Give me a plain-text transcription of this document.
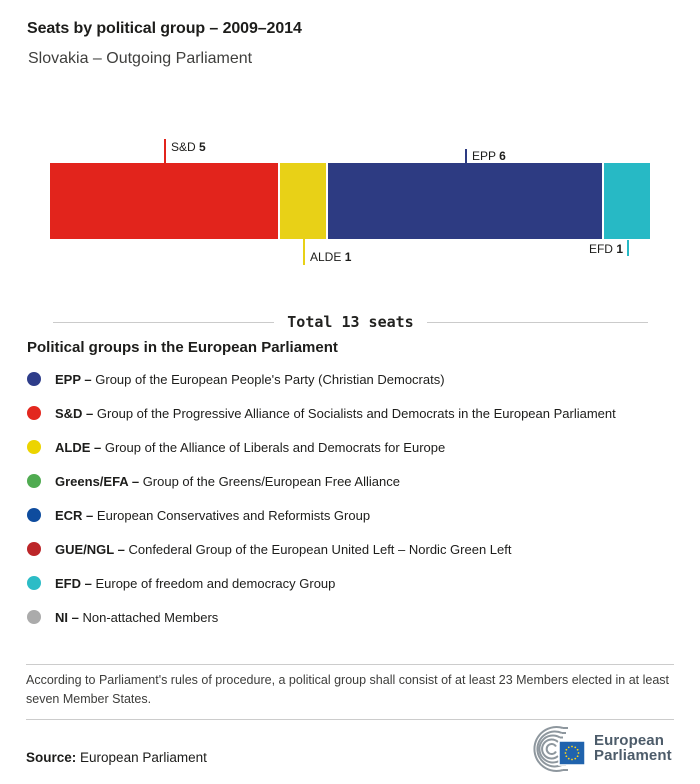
Seats by political group – 2009–2014
Slovakia – Outgoing Parliament
S&D 5
EPP 6
ALDE 1
EFD 1
Total 13 seats
Political groups in the European Parliament
EPP – Group of the European People's Party (Christian Democrats)
S&D – Group of the Progressive Alliance of Socialists and Democrats in the European Parliament
ALDE – Group of the Alliance of Liberals and Democrats for Europe
Greens/EFA – Group of the Greens/European Free Alliance
ECR – European Conservatives and Reformists Group
GUE/NGL – Confederal Group of the European United Left – Nordic Green Left
EFD – Europe of freedom and democracy Group
NI – Non-attached Members
According to Parliament's rules of procedure, a political group shall consist of at least 23 Members elected in at least seven Member States.
Source: European Parliament
European
Parliament
